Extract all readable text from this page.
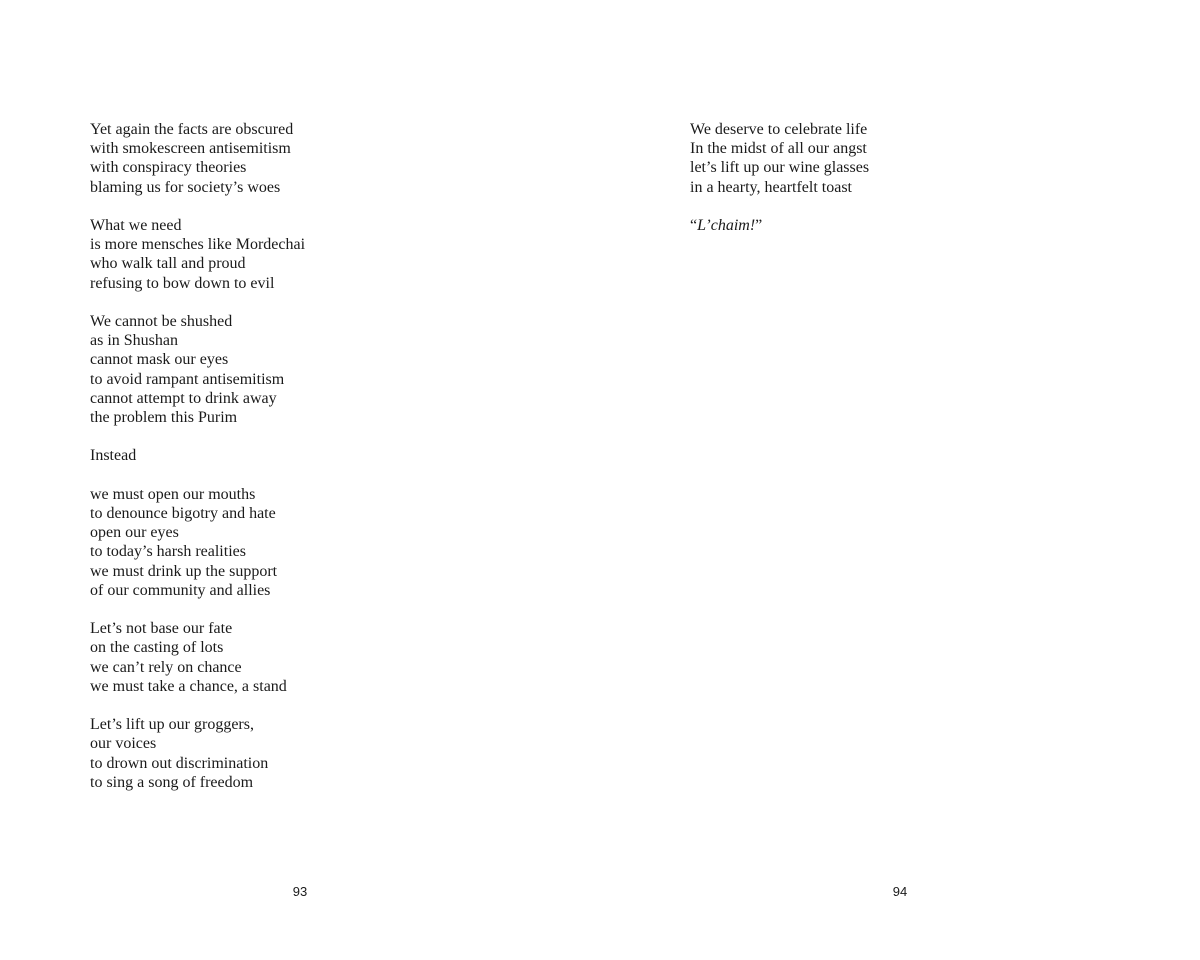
Yet again the facts are obscured
with smokescreen antisemitism
with conspiracy theories
blaming us for society’s woes
What we need
is more mensches like Mordechai
who walk tall and proud
refusing to bow down to evil
We cannot be shushed
as in Shushan
cannot mask our eyes
to avoid rampant antisemitism
cannot attempt to drink away
the problem this Purim
Instead
we must open our mouths
to denounce bigotry and hate
open our eyes
to today’s harsh realities
we must drink up the support
of our community and allies
Let’s not base our fate
on the casting of lots
we can’t rely on chance
we must take a chance, a stand
Let’s lift up our groggers,
our voices
to drown out discrimination
to sing a song of freedom
93
We deserve to celebrate life
In the midst of all our angst
let’s lift up our wine glasses
in a hearty, heartfelt toast
“L’chaim!”
94
